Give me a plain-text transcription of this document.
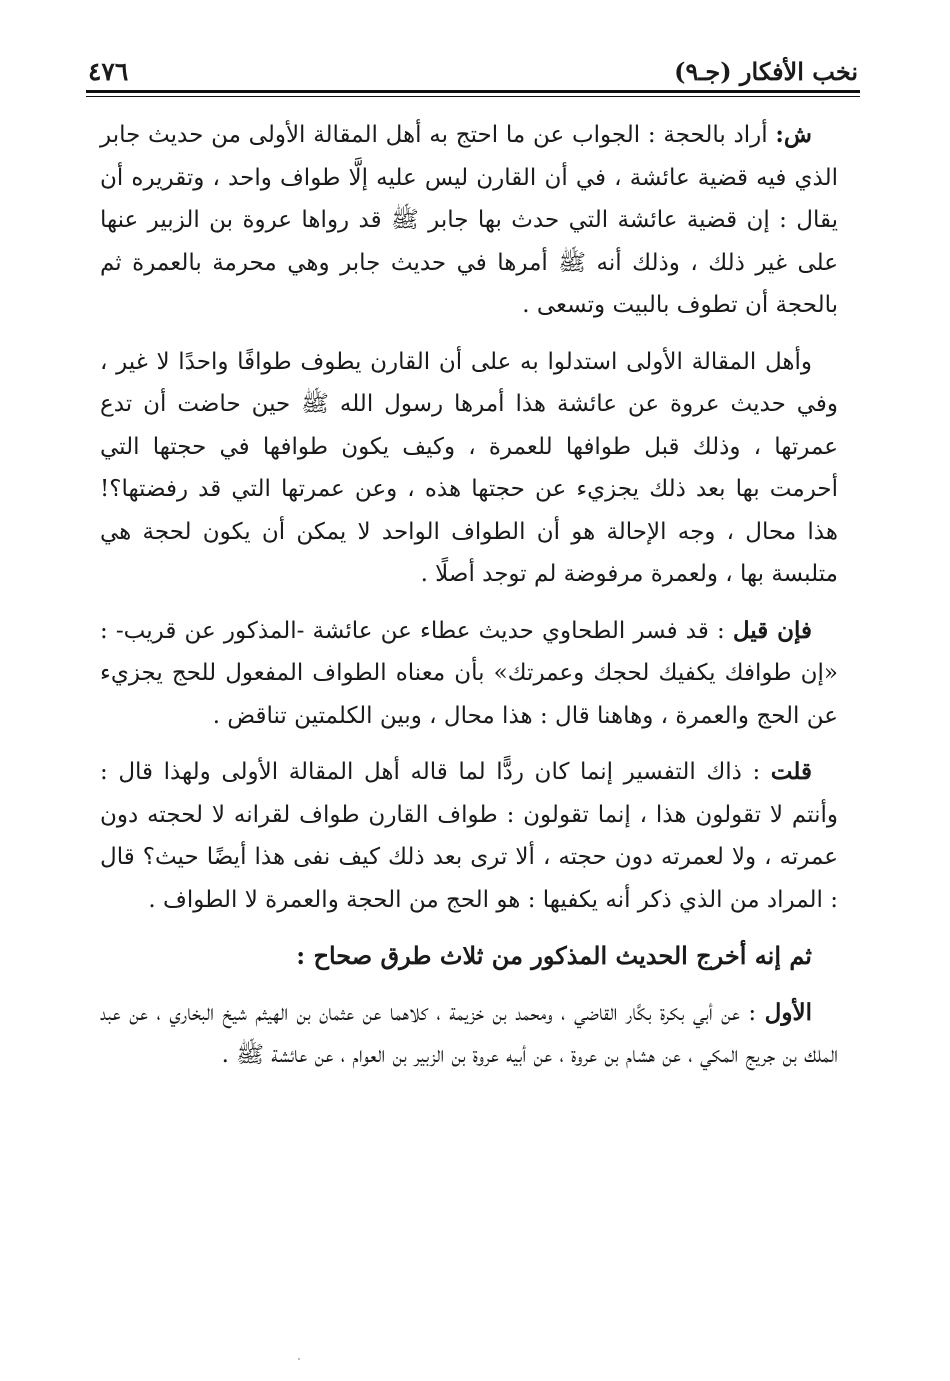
نخب الأفكار (جـ٩)
٤٧٦

ش: أراد بالحجة : الجواب عن ما احتج به أهل المقالة الأولى من حديث جابر الذي فيه قضية عائشة ، في أن القارن ليس عليه إلَّا طواف واحد ، وتقريره أن يقال : إن قضية عائشة التي حدث بها جابر ﷺ قد رواها عروة بن الزبير عنها على غير ذلك ، وذلك أنه ﷺ أمرها في حديث جابر وهي محرمة بالعمرة ثم بالحجة أن تطوف بالبيت وتسعى .

وأهل المقالة الأولى استدلوا به على أن القارن يطوف طوافًا واحدًا لا غير ، وفي حديث عروة عن عائشة هذا أمرها رسول الله ﷺ حين حاضت أن تدع عمرتها ، وذلك قبل طوافها للعمرة ، وكيف يكون طوافها في حجتها التي أحرمت بها بعد ذلك يجزيء عن حجتها هذه ، وعن عمرتها التي قد رفضتها؟! هذا محال ، وجه الإحالة هو أن الطواف الواحد لا يمكن أن يكون لحجة هي متلبسة بها ، ولعمرة مرفوضة لم توجد أصلًا .

فإن قيل : قد فسر الطحاوي حديث عطاء عن عائشة -المذكور عن قريب- : «إن طوافك يكفيك لحجك وعمرتك» بأن معناه الطواف المفعول للحج يجزيء عن الحج والعمرة ، وهاهنا قال : هذا محال ، وبين الكلمتين تناقض .

قلت : ذاك التفسير إنما كان ردًّا لما قاله أهل المقالة الأولى ولهذا قال : وأنتم لا تقولون هذا ، إنما تقولون : طواف القارن طواف لقرانه لا لحجته دون عمرته ، ولا لعمرته دون حجته ، ألا ترى بعد ذلك كيف نفى هذا أيضًا حيث؟ قال : المراد من الذي ذكر أنه يكفيها : هو الحج من الحجة والعمرة لا الطواف .

ثم إنه أخرج الحديث المذكور من ثلاث طرق صحاح :

الأول : عن أبي بكرة بكَّار القاضي ، ومحمد بن خزيمة ، كلاهما عن عثمان بن الهيثم شيخ البخاري ، عن عبد الملك بن جريج المكي ، عن هشام بن عروة ، عن أبيه عروة بن الزبير بن العوام ، عن عائشة ﷺ .
